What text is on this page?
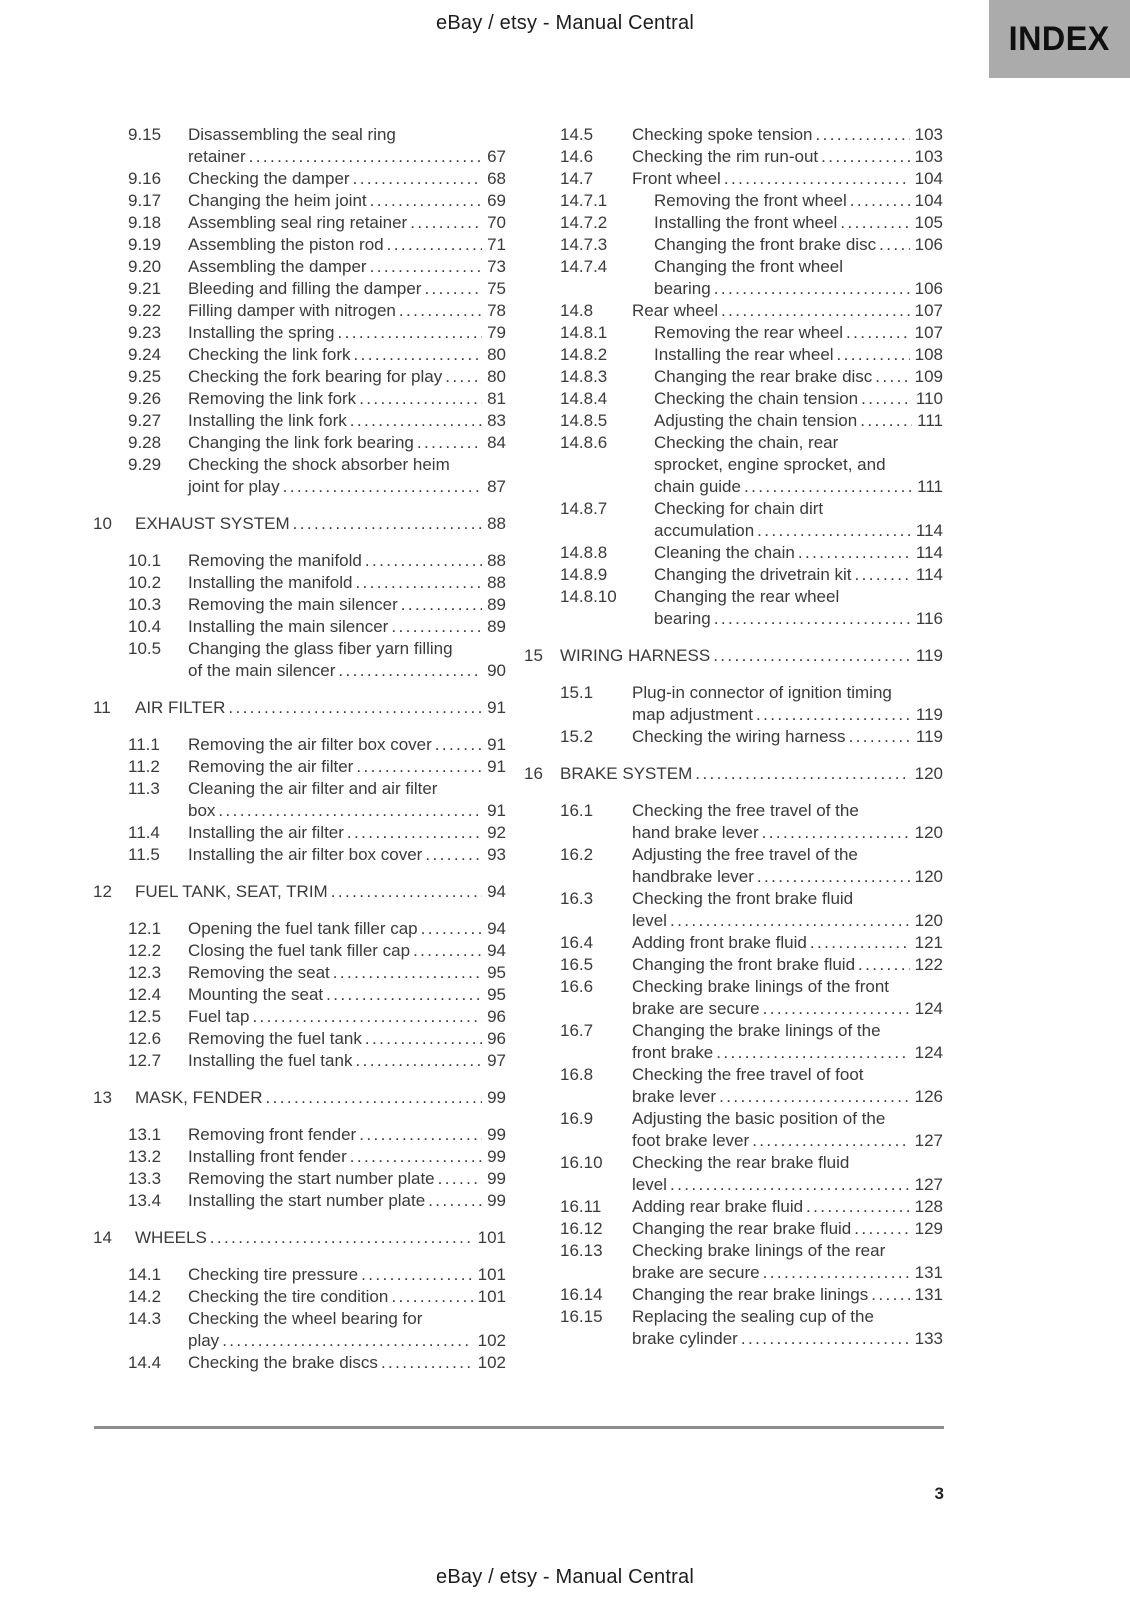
eBay / etsy - Manual Central	INDEX
9.15	Disassembling the seal ring
retainer .....	67
9.16	Checking the damper .....	68
9.17	Changing the heim joint .....	69
9.18	Assembling seal ring retainer .....	70
9.19	Assembling the piston rod .....	71
9.20	Assembling the damper .....	73
9.21	Bleeding and filling the damper .....	75
9.22	Filling damper with nitrogen .....	78
9.23	Installing the spring .....	79
9.24	Checking the link fork .....	80
9.25	Checking the fork bearing for play .....	80
9.26	Removing the link fork .....	81
9.27	Installing the link fork .....	83
9.28	Changing the link fork bearing .....	84
9.29	Checking the shock absorber heim
joint for play .....	87
10	EXHAUST SYSTEM .....	88
10.1	Removing the manifold .....	88
10.2	Installing the manifold .....	88
10.3	Removing the main silencer .....	89
10.4	Installing the main silencer .....	89
10.5	Changing the glass fiber yarn filling
of the main silencer .....	90
11	AIR FILTER .....	91
11.1	Removing the air filter box cover .....	91
11.2	Removing the air filter .....	91
11.3	Cleaning the air filter and air filter
box .....	91
11.4	Installing the air filter .....	92
11.5	Installing the air filter box cover .....	93
12	FUEL TANK, SEAT, TRIM .....	94
12.1	Opening the fuel tank filler cap .....	94
12.2	Closing the fuel tank filler cap .....	94
12.3	Removing the seat .....	95
12.4	Mounting the seat .....	95
12.5	Fuel tap .....	96
12.6	Removing the fuel tank .....	96
12.7	Installing the fuel tank .....	97
13	MASK, FENDER .....	99
13.1	Removing front fender .....	99
13.2	Installing front fender .....	99
13.3	Removing the start number plate .....	99
13.4	Installing the start number plate .....	99
14	WHEELS .....	101
14.1	Checking tire pressure .....	101
14.2	Checking the tire condition .....	101
14.3	Checking the wheel bearing for
play .....	102
14.4	Checking the brake discs .....	102
14.5	Checking spoke tension .....	103
14.6	Checking the rim run-out .....	103
14.7	Front wheel .....	104
14.7.1	Removing the front wheel .....	104
14.7.2	Installing the front wheel .....	105
14.7.3	Changing the front brake disc ..... 106
14.7.4	Changing the front wheel
bearing .....	106
14.8	Rear wheel .....	107
14.8.1	Removing the rear wheel .....	107
14.8.2	Installing the rear wheel .....	108
14.8.3	Changing the rear brake disc ..... 109
14.8.4	Checking the chain tension .....	110
14.8.5	Adjusting the chain tension .....	111
14.8.6	Checking the chain, rear
sprocket, engine sprocket, and
chain guide .....	111
14.8.7	Checking for chain dirt
accumulation .....	114
14.8.8	Cleaning the chain .....	114
14.8.9	Changing the drivetrain kit .....	114
14.8.10	Changing the rear wheel
bearing .....	116
15	WIRING HARNESS .....	119
15.1	Plug-in connector of ignition timing
map adjustment .....	119
15.2	Checking the wiring harness .....	119
16	BRAKE SYSTEM .....	120
16.1	Checking the free travel of the
hand brake lever .....	120
16.2	Adjusting the free travel of the
handbrake lever .....	120
16.3	Checking the front brake fluid
level .....	120
16.4	Adding front brake fluid .....	121
16.5	Changing the front brake fluid .....	122
16.6	Checking brake linings of the front
brake are secure .....	124
16.7	Changing the brake linings of the
front brake .....	124
16.8	Checking the free travel of foot
brake lever .....	126
16.9	Adjusting the basic position of the
foot brake lever .....	127
16.10	Checking the rear brake fluid
level .....	127
16.11	Adding rear brake fluid .....	128
16.12	Changing the rear brake fluid .....	129
16.13	Checking brake linings of the rear
brake are secure .....	131
16.14	Changing the rear brake linings .....	131
16.15	Replacing the sealing cup of the
brake cylinder .....	133
3
eBay / etsy - Manual Central
